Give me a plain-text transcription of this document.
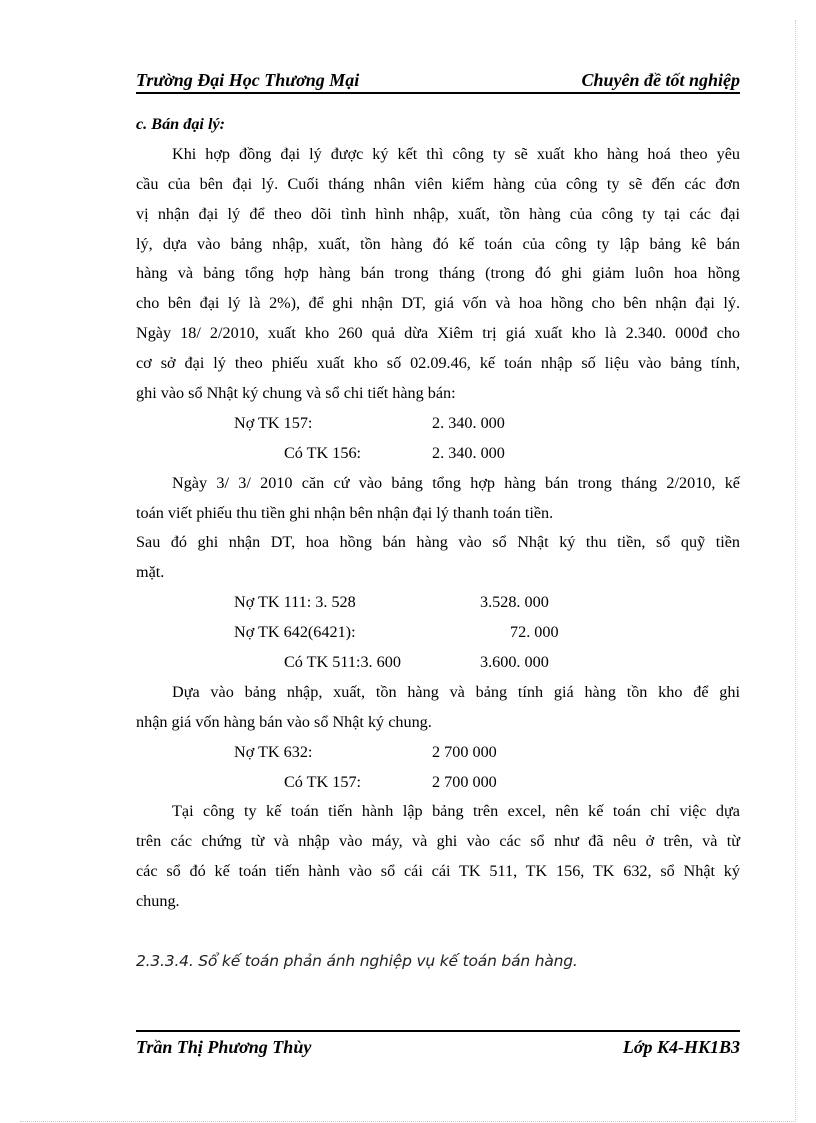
Trường Đại Học Thương Mại	Chuyên đề tốt nghiệp
c. Bán đại lý:
Khi hợp đồng đại lý được ký kết thì công ty sẽ xuất kho hàng hoá theo yêu
cầu của bên đại lý. Cuối tháng nhân viên kiểm hàng của công ty sẽ đến các đơn
vị nhận đại lý để theo dõi tình hình nhập, xuất, tồn hàng của công ty tại các đại
lý, dựa vào bảng nhập, xuất, tồn hàng đó kế toán của công ty lập bảng kê bán
hàng và bảng tổng hợp hàng bán trong tháng (trong đó ghi giảm luôn hoa hồng
cho bên đại lý là 2%), để ghi nhận DT, giá vốn và hoa hồng cho bên nhận đại lý.
Ngày 18/ 2/2010, xuất kho 260 quả dừa Xiêm trị giá xuất kho là 2.340. 000đ cho
cơ sở đại lý theo phiếu xuất kho số 02.09.46, kế toán nhập số liệu vào bảng tính,
ghi vào sổ Nhật ký chung và sổ chi tiết hàng bán:
Nợ TK 157:	2. 340. 000
Có TK 156:	2. 340. 000
Ngày 3/ 3/ 2010 căn cứ vào bảng tổng hợp hàng bán trong tháng 2/2010, kế
toán viết phiếu thu tiền ghi nhận bên nhận đại lý thanh toán tiền.
Sau đó ghi nhận DT, hoa hồng bán hàng vào sổ Nhật ký thu tiền, sổ quỹ tiền
mặt.
Nợ TK 111: 3. 528	3.528. 000
Nợ TK 642(6421):	72. 000
Có TK 511:3. 600	3.600. 000
Dựa vào bảng nhập, xuất, tồn hàng và bảng tính giá hàng tồn kho để ghi
nhận giá vốn hàng bán vào sổ Nhật ký chung.
Nợ TK 632:	2 700 000
Có TK 157:	2 700 000
Tại công ty kế toán tiến hành lập bảng trên excel, nên kế toán chỉ việc dựa
trên các chứng từ và nhập vào máy, và ghi vào các sổ như đã nêu ở trên, và từ
các sổ đó kế toán tiến hành vào sổ cái cái TK 511, TK 156, TK 632, sổ Nhật ký
chung.
2.3.3.4. Sổ kế toán phản ánh nghiệp vụ kế toán bán hàng.
Trần Thị Phương Thùy	Lớp K4-HK1B3
